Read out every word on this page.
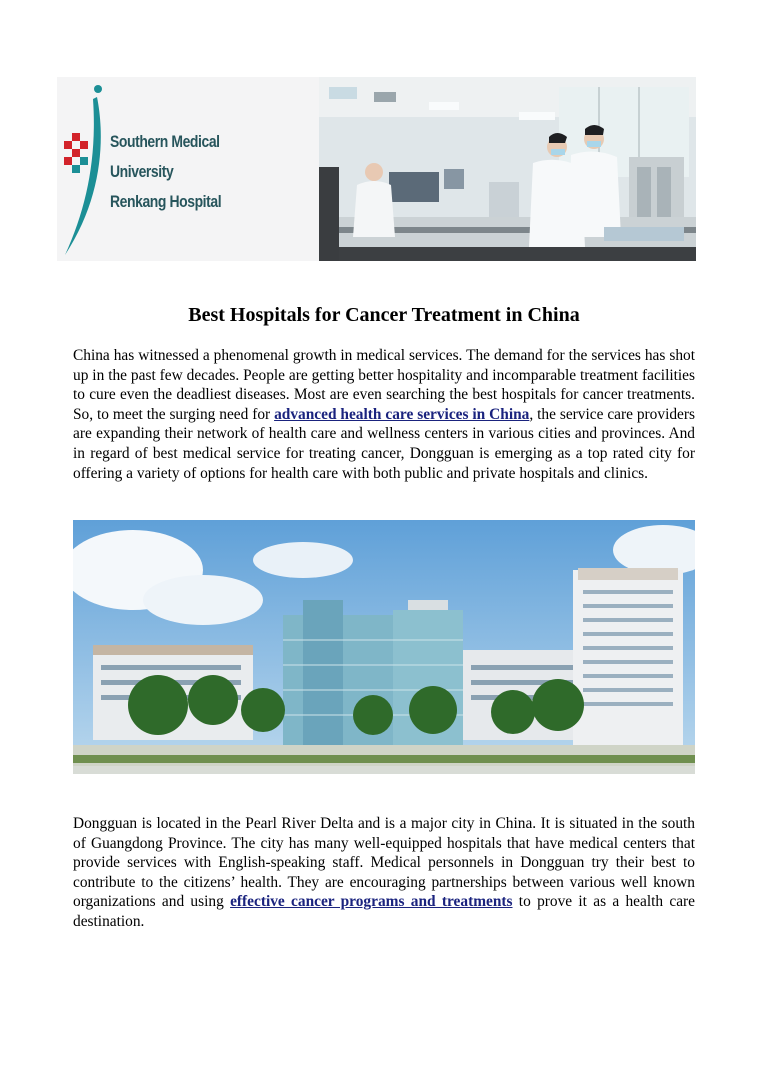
Southern Medical University
Renkang Hospital
Best Hospitals for Cancer Treatment in China
China has witnessed a phenomenal growth in medical services. The demand for the services has shot up in the past few decades. People are getting better hospitality and incomparable treatment facilities to cure even the deadliest diseases. Most are even searching the best hospitals for cancer treatments. So, to meet the surging need for advanced health care services in China, the service care providers are expanding their network of health care and wellness centers in various cities and provinces. And in regard of best medical service for treating cancer, Dongguan is emerging as a top rated city for offering a variety of options for health care with both public and private hospitals and clinics.
Dongguan is located in the Pearl River Delta and is a major city in China. It is situated in the south of Guangdong Province. The city has many well-equipped hospitals that have medical centers that provide services with English-speaking staff. Medical personnels in Dongguan try their best to contribute to the citizens’ health. They are encouraging partnerships between various well known organizations and using effective cancer programs and treatments to prove it as a health care destination.
